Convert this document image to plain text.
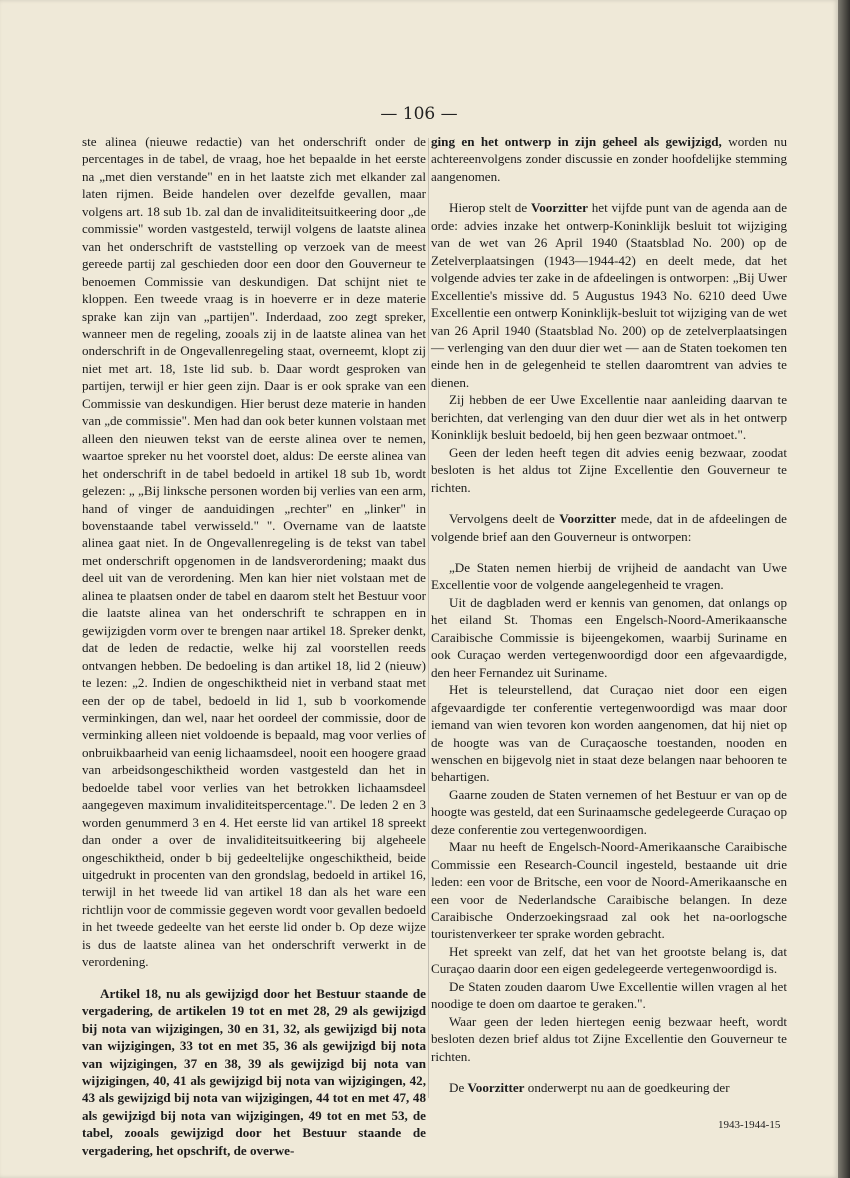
— 106 —

ste alinea (nieuwe redactie) van het onderschrift onder de percentages in de tabel, de vraag, hoe het bepaalde in het eerste na „met dien verstande" en in het laatste zich met elkander zal laten rijmen. Beide handelen over dezelfde gevallen, maar volgens art. 18 sub 1b. zal dan de invaliditeitsuitkeering door „de commissie" worden vastgesteld, terwijl volgens de laatste alinea van het onderschrift de vaststelling op verzoek van de meest gereede partij zal geschieden door een door den Gouverneur te benoemen Commissie van deskundigen. Dat schijnt niet te kloppen. Een tweede vraag is in hoeverre er in deze materie sprake kan zijn van „partijen". Inderdaad, zoo zegt spreker, wanneer men de regeling, zooals zij in de laatste alinea van het onderschrift in de Ongevallenregeling staat, overneemt, klopt zij niet met art. 18, 1ste lid sub. b. Daar wordt gesproken van partijen, terwijl er hier geen zijn. Daar is er ook sprake van een Commissie van deskundigen. Hier berust deze materie in handen van „de commissie". Men had dan ook beter kunnen volstaan met alleen den nieuwen tekst van de eerste alinea over te nemen, waartoe spreker nu het voorstel doet, aldus: De eerste alinea van het onderschrift in de tabel bedoeld in artikel 18 sub 1b, wordt gelezen: „ „Bij linksche personen worden bij verlies van een arm, hand of vinger de aanduidingen „rechter" en „linker" in bovenstaande tabel verwisseld." ". Overname van de laatste alinea gaat niet. In de Ongevallenregeling is de tekst van tabel met onderschrift opgenomen in de landsverordening; maakt dus deel uit van de verordening. Men kan hier niet volstaan met de alinea te plaatsen onder de tabel en daarom stelt het Bestuur voor die laatste alinea van het onderschrift te schrappen en in gewijzigden vorm over te brengen naar artikel 18. Spreker denkt, dat de leden de redactie, welke hij zal voorstellen reeds ontvangen hebben. De bedoeling is dan artikel 18, lid 2 (nieuw) te lezen: „2. Indien de ongeschiktheid niet in verband staat met een der op de tabel, bedoeld in lid 1, sub b voorkomende verminkingen, dan wel, naar het oordeel der commissie, door de verminking alleen niet voldoende is bepaald, mag voor verlies of onbruikbaarheid van eenig lichaamsdeel, nooit een hoogere graad van arbeidsongeschiktheid worden vastgesteld dan het in bedoelde tabel voor verlies van het betrokken lichaamsdeel aangegeven maximum invaliditeitspercentage.". De leden 2 en 3 worden genummerd 3 en 4. Het eerste lid van artikel 18 spreekt dan onder a over de invaliditeitsuitkeering bij algeheele ongeschiktheid, onder b bij gedeeltelijke ongeschiktheid, beide uitgedrukt in procenten van den grondslag, bedoeld in artikel 16, terwijl in het tweede lid van artikel 18 dan als het ware een richtlijn voor de commissie gegeven wordt voor gevallen bedoeld in het tweede gedeelte van het eerste lid onder b. Op deze wijze is dus de laatste alinea van het onderschrift verwerkt in de verordening.

Artikel 18, nu als gewijzigd door het Bestuur staande de vergadering, de artikelen 19 tot en met 28, 29 als gewijzigd bij nota van wijzigingen, 30 en 31, 32, als gewijzigd bij nota van wijzigingen, 33 tot en met 35, 36 als gewijzigd bij nota van wijzigingen, 37 en 38, 39 als gewijzigd bij nota van wijzigingen, 40, 41 als gewijzigd bij nota van wijzigingen, 42, 43 als gewijzigd bij nota van wijzigingen, 44 tot en met 47, 48 als gewijzigd bij nota van wijzigingen, 49 tot en met 53, de tabel, zooals gewijzigd door het Bestuur staande de vergadering, het opschrift, de overwe-

ging en het ontwerp in zijn geheel als gewijzigd, worden nu achtereenvolgens zonder discussie en zonder hoofdelijke stemming aangenomen.

Hierop stelt de Voorzitter het vijfde punt van de agenda aan de orde: advies inzake het ontwerp-Koninklijk besluit tot wijziging van de wet van 26 April 1940 (Staatsblad No. 200) op de Zetelverplaatsingen (1943—1944-42) en deelt mede, dat het volgende advies ter zake in de afdeelingen is ontworpen: „Bij Uwer Excellentie's missive dd. 5 Augustus 1943 No. 6210 deed Uwe Excellentie een ontwerp Koninklijk-besluit tot wijziging van de wet van 26 April 1940 (Staatsblad No. 200) op de zetelverplaatsingen — verlenging van den duur dier wet — aan de Staten toekomen ten einde hen in de gelegenheid te stellen daaromtrent van advies te dienen.

Zij hebben de eer Uwe Excellentie naar aanleiding daarvan te berichten, dat verlenging van den duur dier wet als in het ontwerp Koninklijk besluit bedoeld, bij hen geen bezwaar ontmoet.".

Geen der leden heeft tegen dit advies eenig bezwaar, zoodat besloten is het aldus tot Zijne Excellentie den Gouverneur te richten.

Vervolgens deelt de Voorzitter mede, dat in de afdeelingen de volgende brief aan den Gouverneur is ontworpen:

„De Staten nemen hierbij de vrijheid de aandacht van Uwe Excellentie voor de volgende aangelegenheid te vragen.

Uit de dagbladen werd er kennis van genomen, dat onlangs op het eiland St. Thomas een Engelsch-Noord-Amerikaansche Caraibische Commissie is bijeengekomen, waarbij Suriname en ook Curaçao werden vertegenwoordigd door een afgevaardigde, den heer Fernandez uit Suriname.

Het is teleurstellend, dat Curaçao niet door een eigen afgevaardigde ter conferentie vertegenwoordigd was maar door iemand van wien tevoren kon worden aangenomen, dat hij niet op de hoogte was van de Curaçaosche toestanden, nooden en wenschen en bijgevolg niet in staat deze belangen naar behooren te behartigen.

Gaarne zouden de Staten vernemen of het Bestuur er van op de hoogte was gesteld, dat een Surinaamsche gedelegeerde Curaçao op deze conferentie zou vertegenwoordigen.

Maar nu heeft de Engelsch-Noord-Amerikaansche Caraibische Commissie een Research-Council ingesteld, bestaande uit drie leden: een voor de Britsche, een voor de Noord-Amerikaansche en een voor de Nederlandsche Caraibische belangen. In deze Caraibische Onderzoekingsraad zal ook het na-oorlogsche touristenverkeer ter sprake worden gebracht.

Het spreekt van zelf, dat het van het grootste belang is, dat Curaçao daarin door een eigen gedelegeerde vertegenwoordigd is.

De Staten zouden daarom Uwe Excellentie willen vragen al het noodige te doen om daartoe te geraken.".

Waar geen der leden hiertegen eenig bezwaar heeft, wordt besloten dezen brief aldus tot Zijne Excellentie den Gouverneur te richten.

De Voorzitter onderwerpt nu aan de goedkeuring der

1943-1944-15
